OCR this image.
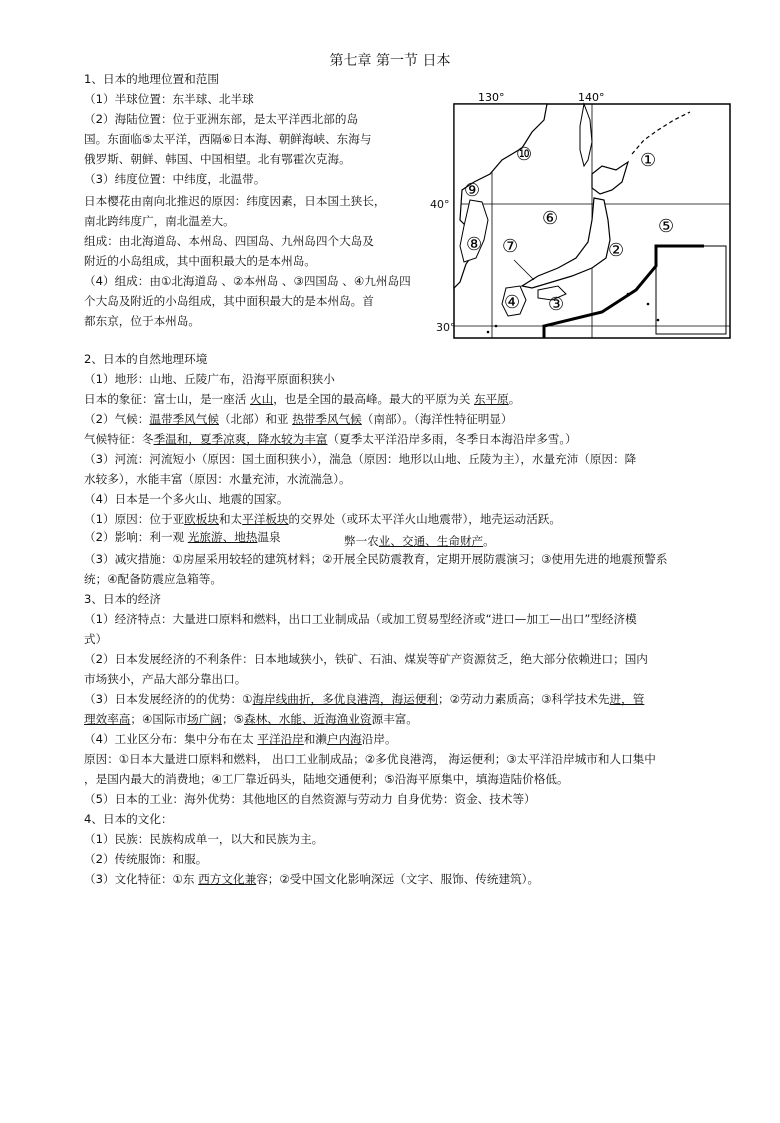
第七章 第一节 日本
1、日本的地理位置和范围
（1）半球位置：东半球、北半球
（2）海陆位置：位于亚洲东部，是太平洋西北部的岛
国。东面临⑤太平洋，西隔⑥日本海、朝鲜海峡、东海与
俄罗斯、朝鲜、韩国、中国相望。北有鄂霍次克海。
（3）纬度位置：中纬度，北温带。
日本樱花由南向北推迟的原因：纬度因素，日本国土狭长，
南北跨纬度广，南北温差大。
组成：由北海道岛、本州岛、四国岛、九州岛四个大岛及
附近的小岛组成，其中面积最大的是本州岛。
（4）组成：由①北海道岛 、②本州岛 、③四国岛 、④九州岛四
个大岛及附近的小岛组成，其中面积最大的是本州岛。首
都东京，位于本州岛。
①
②
③
④
⑤
⑥
⑦
⑧
⑨
⑩
130°	140°
40°
30°
2、日本的自然地理环境
（1）地形：山地、丘陵广布，沿海平原面积狭小
日本的象征：富士山，是一座活 火山，也是全国的最高峰。最大的平原为关 东平原。
（2）气候：温带季风气候（北部）和亚 热带季风气候（南部）。（海洋性特征明显）
气候特征：冬季温和，夏季凉爽，降水较为丰富（夏季太平洋沿岸多雨，冬季日本海沿岸多雪。）
（3）河流：河流短小（原因：国土面积狭小），湍急（原因：地形以山地、丘陵为主），水量充沛（原因：降
水较多），水能丰富（原因：水量充沛，水流湍急）。
（4）日本是一个多火山、地震的国家。
（1）原因：位于亚欧板块和太平洋板块的交界处（或环太平洋火山地震带），地壳运动活跃。
（2）影响：利一观 光旅游、地热温泉	弊一农业、交通、生命财产。
（3）减灾措施：①房屋采用较轻的建筑材料；②开展全民防震教育，定期开展防震演习；③使用先进的地震预警系
统；④配备防震应急箱等。
3、日本的经济
（1）经济特点：大量进口原料和燃料，出口工业制成品（或加工贸易型经济或“进口—加工—出口”型经济模
式）
（2）日本发展经济的不利条件：日本地域狭小，铁矿、石油、煤炭等矿产资源贫乏，绝大部分依赖进口；国内
市场狭小，产品大部分靠出口。
（3）日本发展经济的的优势：①海岸线曲折，多优良港湾，海运便利；②劳动力素质高；③科学技术先进，管
理效率高；④国际市场广阔；⑤森林、水能、近海渔业资源丰富。
（4）工业区分布：集中分布在太 平洋沿岸和濑户内海沿岸。
原因：①日本大量进口原料和燃料， 出口工业制成品；②多优良港湾， 海运便利；③太平洋沿岸城市和人口集中
，是国内最大的消费地；④工厂靠近码头，陆地交通便利；⑤沿海平原集中，填海造陆价格低。
（5）日本的工业：海外优势：其他地区的自然资源与劳动力 自身优势：资金、技术等）
4、日本的文化：
（1）民族：民族构成单一，以大和民族为主。
（2）传统服饰：和服。
（3）文化特征：①东 西方文化兼容；②受中国文化影响深远（文字、服饰、传统建筑）。
